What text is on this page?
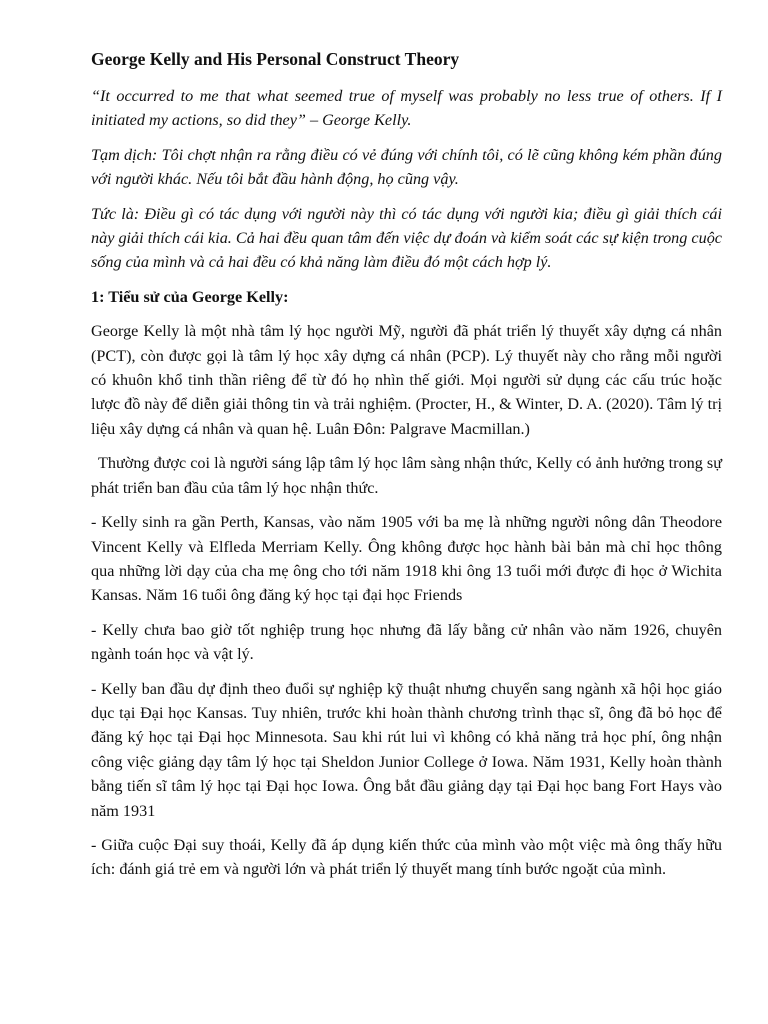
George Kelly and His Personal Construct Theory

“It occurred to me that what seemed true of myself was probably no less true of others. If I initiated my actions, so did they” – George Kelly.

Tạm dịch: Tôi chợt nhận ra rằng điều có vẻ đúng với chính tôi, có lẽ cũng không kém phần đúng với người khác. Nếu tôi bắt đầu hành động, họ cũng vậy.

Tức là: Điều gì có tác dụng với người này thì có tác dụng với người kia; điều gì giải thích cái này giải thích cái kia. Cả hai đều quan tâm đến việc dự đoán và kiểm soát các sự kiện trong cuộc sống của mình và cả hai đều có khả năng làm điều đó một cách hợp lý.

1: Tiểu sử của George Kelly:

George Kelly là một nhà tâm lý học người Mỹ, người đã phát triển lý thuyết xây dựng cá nhân (PCT), còn được gọi là tâm lý học xây dựng cá nhân (PCP). Lý thuyết này cho rằng mỗi người có khuôn khổ tinh thần riêng để từ đó họ nhìn thế giới. Mọi người sử dụng các cấu trúc hoặc lược đồ này để diễn giải thông tin và trải nghiệm. (Procter, H., & Winter, D. A. (2020). Tâm lý trị liệu xây dựng cá nhân và quan hệ. Luân Đôn: Palgrave Macmillan.)

Thường được coi là người sáng lập tâm lý học lâm sàng nhận thức, Kelly có ảnh hưởng trong sự phát triển ban đầu của tâm lý học nhận thức.

- Kelly sinh ra gần Perth, Kansas, vào năm 1905 với ba mẹ là những người nông dân Theodore Vincent Kelly và Elfleda Merriam Kelly. Ông không được học hành bài bản mà chỉ học thông qua những lời dạy của cha mẹ ông cho tới năm 1918 khi ông 13 tuổi mới được đi học ở Wichita Kansas. Năm 16 tuổi ông đăng ký học tại đại học Friends

- Kelly chưa bao giờ tốt nghiệp trung học nhưng đã lấy bằng cử nhân vào năm 1926, chuyên ngành toán học và vật lý.

- Kelly ban đầu dự định theo đuổi sự nghiệp kỹ thuật nhưng chuyển sang ngành xã hội học giáo dục tại Đại học Kansas. Tuy nhiên, trước khi hoàn thành chương trình thạc sĩ, ông đã bỏ học để đăng ký học tại Đại học Minnesota. Sau khi rút lui vì không có khả năng trả học phí, ông nhận công việc giảng dạy tâm lý học tại Sheldon Junior College ở Iowa. Năm 1931, Kelly hoàn thành bằng tiến sĩ tâm lý học tại Đại học Iowa. Ông bắt đầu giảng dạy tại Đại học bang Fort Hays vào năm 1931

- Giữa cuộc Đại suy thoái, Kelly đã áp dụng kiến thức của mình vào một việc mà ông thấy hữu ích: đánh giá trẻ em và người lớn và phát triển lý thuyết mang tính bước ngoặt của mình.
